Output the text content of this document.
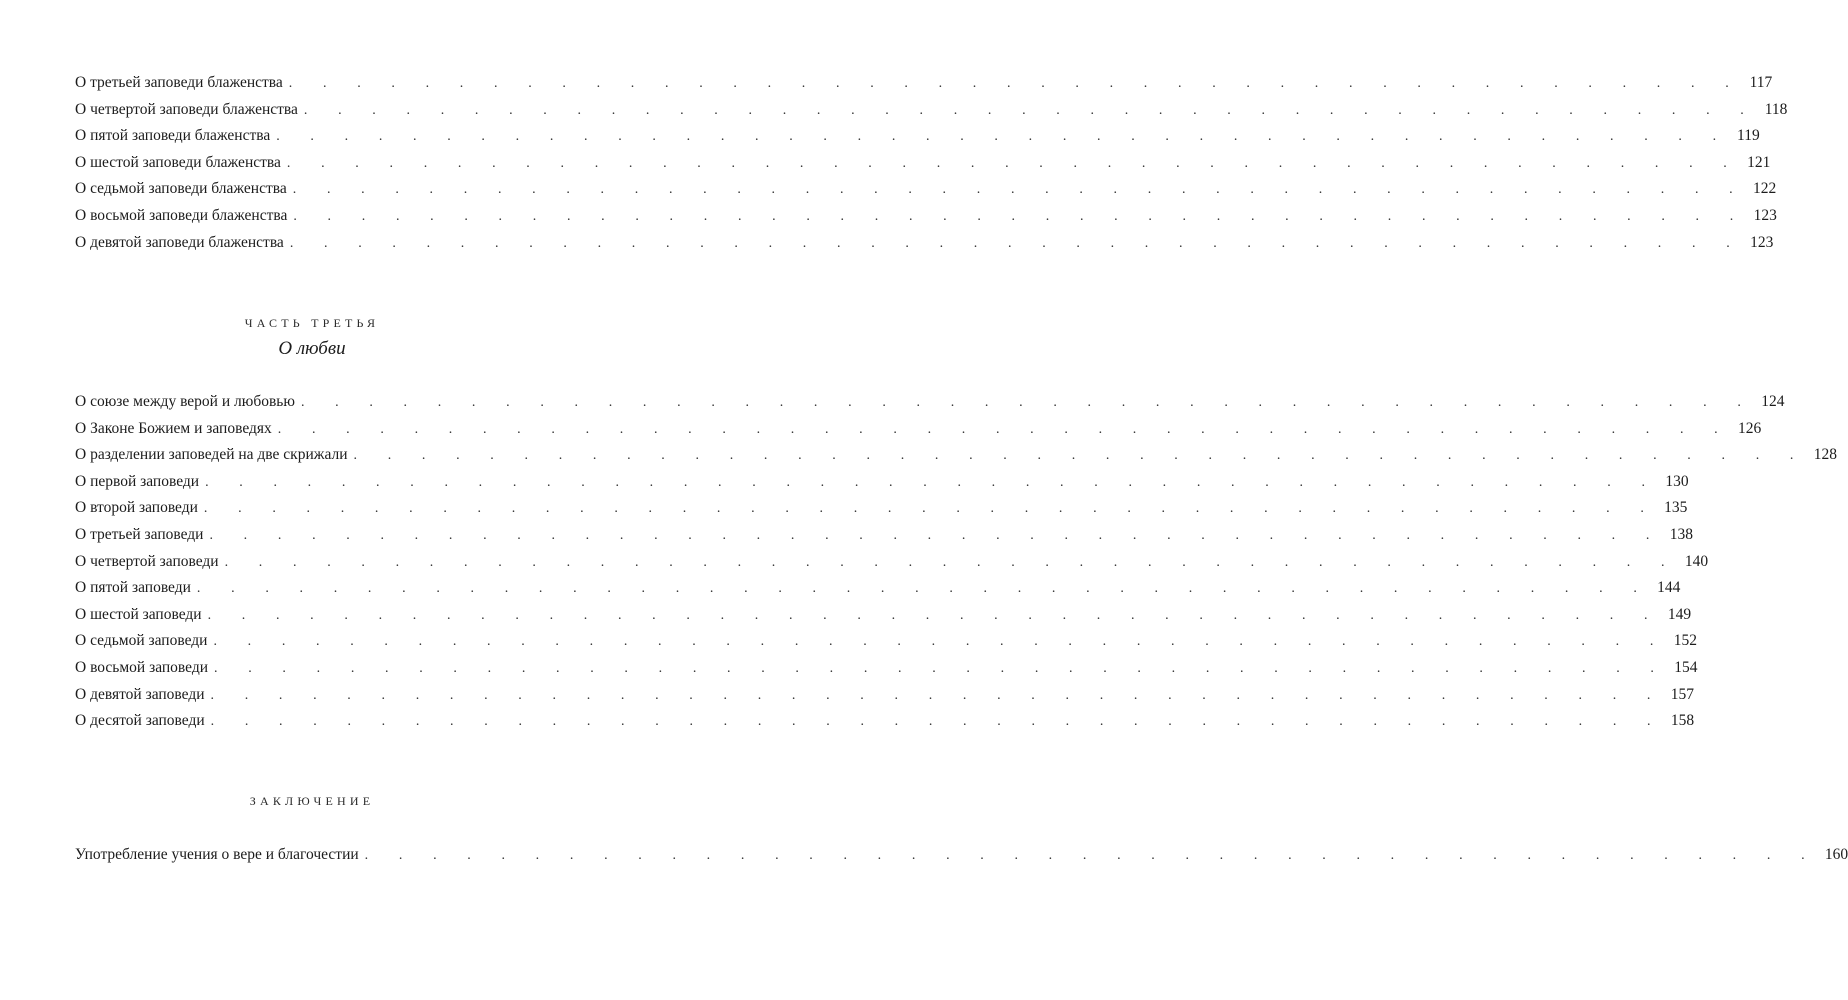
О третьей заповеди блаженства . . . . . . . . . . . . . . . . . . . . . . . . . . . . . . . . . . . . . . . . . . . 117
О четвертой заповеди блаженства . . . . . . . . . . . . . . . . . . . . . . . . . . . . . . . . . . . . . . . . . . . 118
О пятой заповеди блаженства . . . . . . . . . . . . . . . . . . . . . . . . . . . . . . . . . . . . . . . . . . . 119
О шестой заповеди блаженства . . . . . . . . . . . . . . . . . . . . . . . . . . . . . . . . . . . . . . . . . . . 121
О седьмой заповеди блаженства . . . . . . . . . . . . . . . . . . . . . . . . . . . . . . . . . . . . . . . . . . . 122
О восьмой заповеди блаженства . . . . . . . . . . . . . . . . . . . . . . . . . . . . . . . . . . . . . . . . . . . 123
О девятой заповеди блаженства . . . . . . . . . . . . . . . . . . . . . . . . . . . . . . . . . . . . . . . . . . . 123
ЧАСТЬ ТРЕТЬЯ
О любви
О союзе между верой и любовью . . . . . . . . . . . . . . . . . . . . . . . . . . . . . . . . . . . . . . . . . . . 124
О Законе Божием и заповедях . . . . . . . . . . . . . . . . . . . . . . . . . . . . . . . . . . . . . . . . . . . 126
О разделении заповедей на две скрижали . . . . . . . . . . . . . . . . . . . . . . . . . . . . . . . . . . . . . . . . . . . 128
О первой заповеди . . . . . . . . . . . . . . . . . . . . . . . . . . . . . . . . . . . . . . . . . . . 130
О второй заповеди . . . . . . . . . . . . . . . . . . . . . . . . . . . . . . . . . . . . . . . . . . . 135
О третьей заповеди . . . . . . . . . . . . . . . . . . . . . . . . . . . . . . . . . . . . . . . . . . . 138
О четвертой заповеди . . . . . . . . . . . . . . . . . . . . . . . . . . . . . . . . . . . . . . . . . . . 140
О пятой заповеди . . . . . . . . . . . . . . . . . . . . . . . . . . . . . . . . . . . . . . . . . . . 144
О шестой заповеди . . . . . . . . . . . . . . . . . . . . . . . . . . . . . . . . . . . . . . . . . . . 149
О седьмой заповеди . . . . . . . . . . . . . . . . . . . . . . . . . . . . . . . . . . . . . . . . . . . 152
О восьмой заповеди . . . . . . . . . . . . . . . . . . . . . . . . . . . . . . . . . . . . . . . . . . . 154
О девятой заповеди . . . . . . . . . . . . . . . . . . . . . . . . . . . . . . . . . . . . . . . . . . . 157
О десятой заповеди . . . . . . . . . . . . . . . . . . . . . . . . . . . . . . . . . . . . . . . . . . . 158
ЗАКЛЮЧЕНИЕ
Употребление учения о вере и благочестии . . . . . . . . . . . . . . . . . . . . . . . . . . . . . . . . . . . . . . . . . . . 160
